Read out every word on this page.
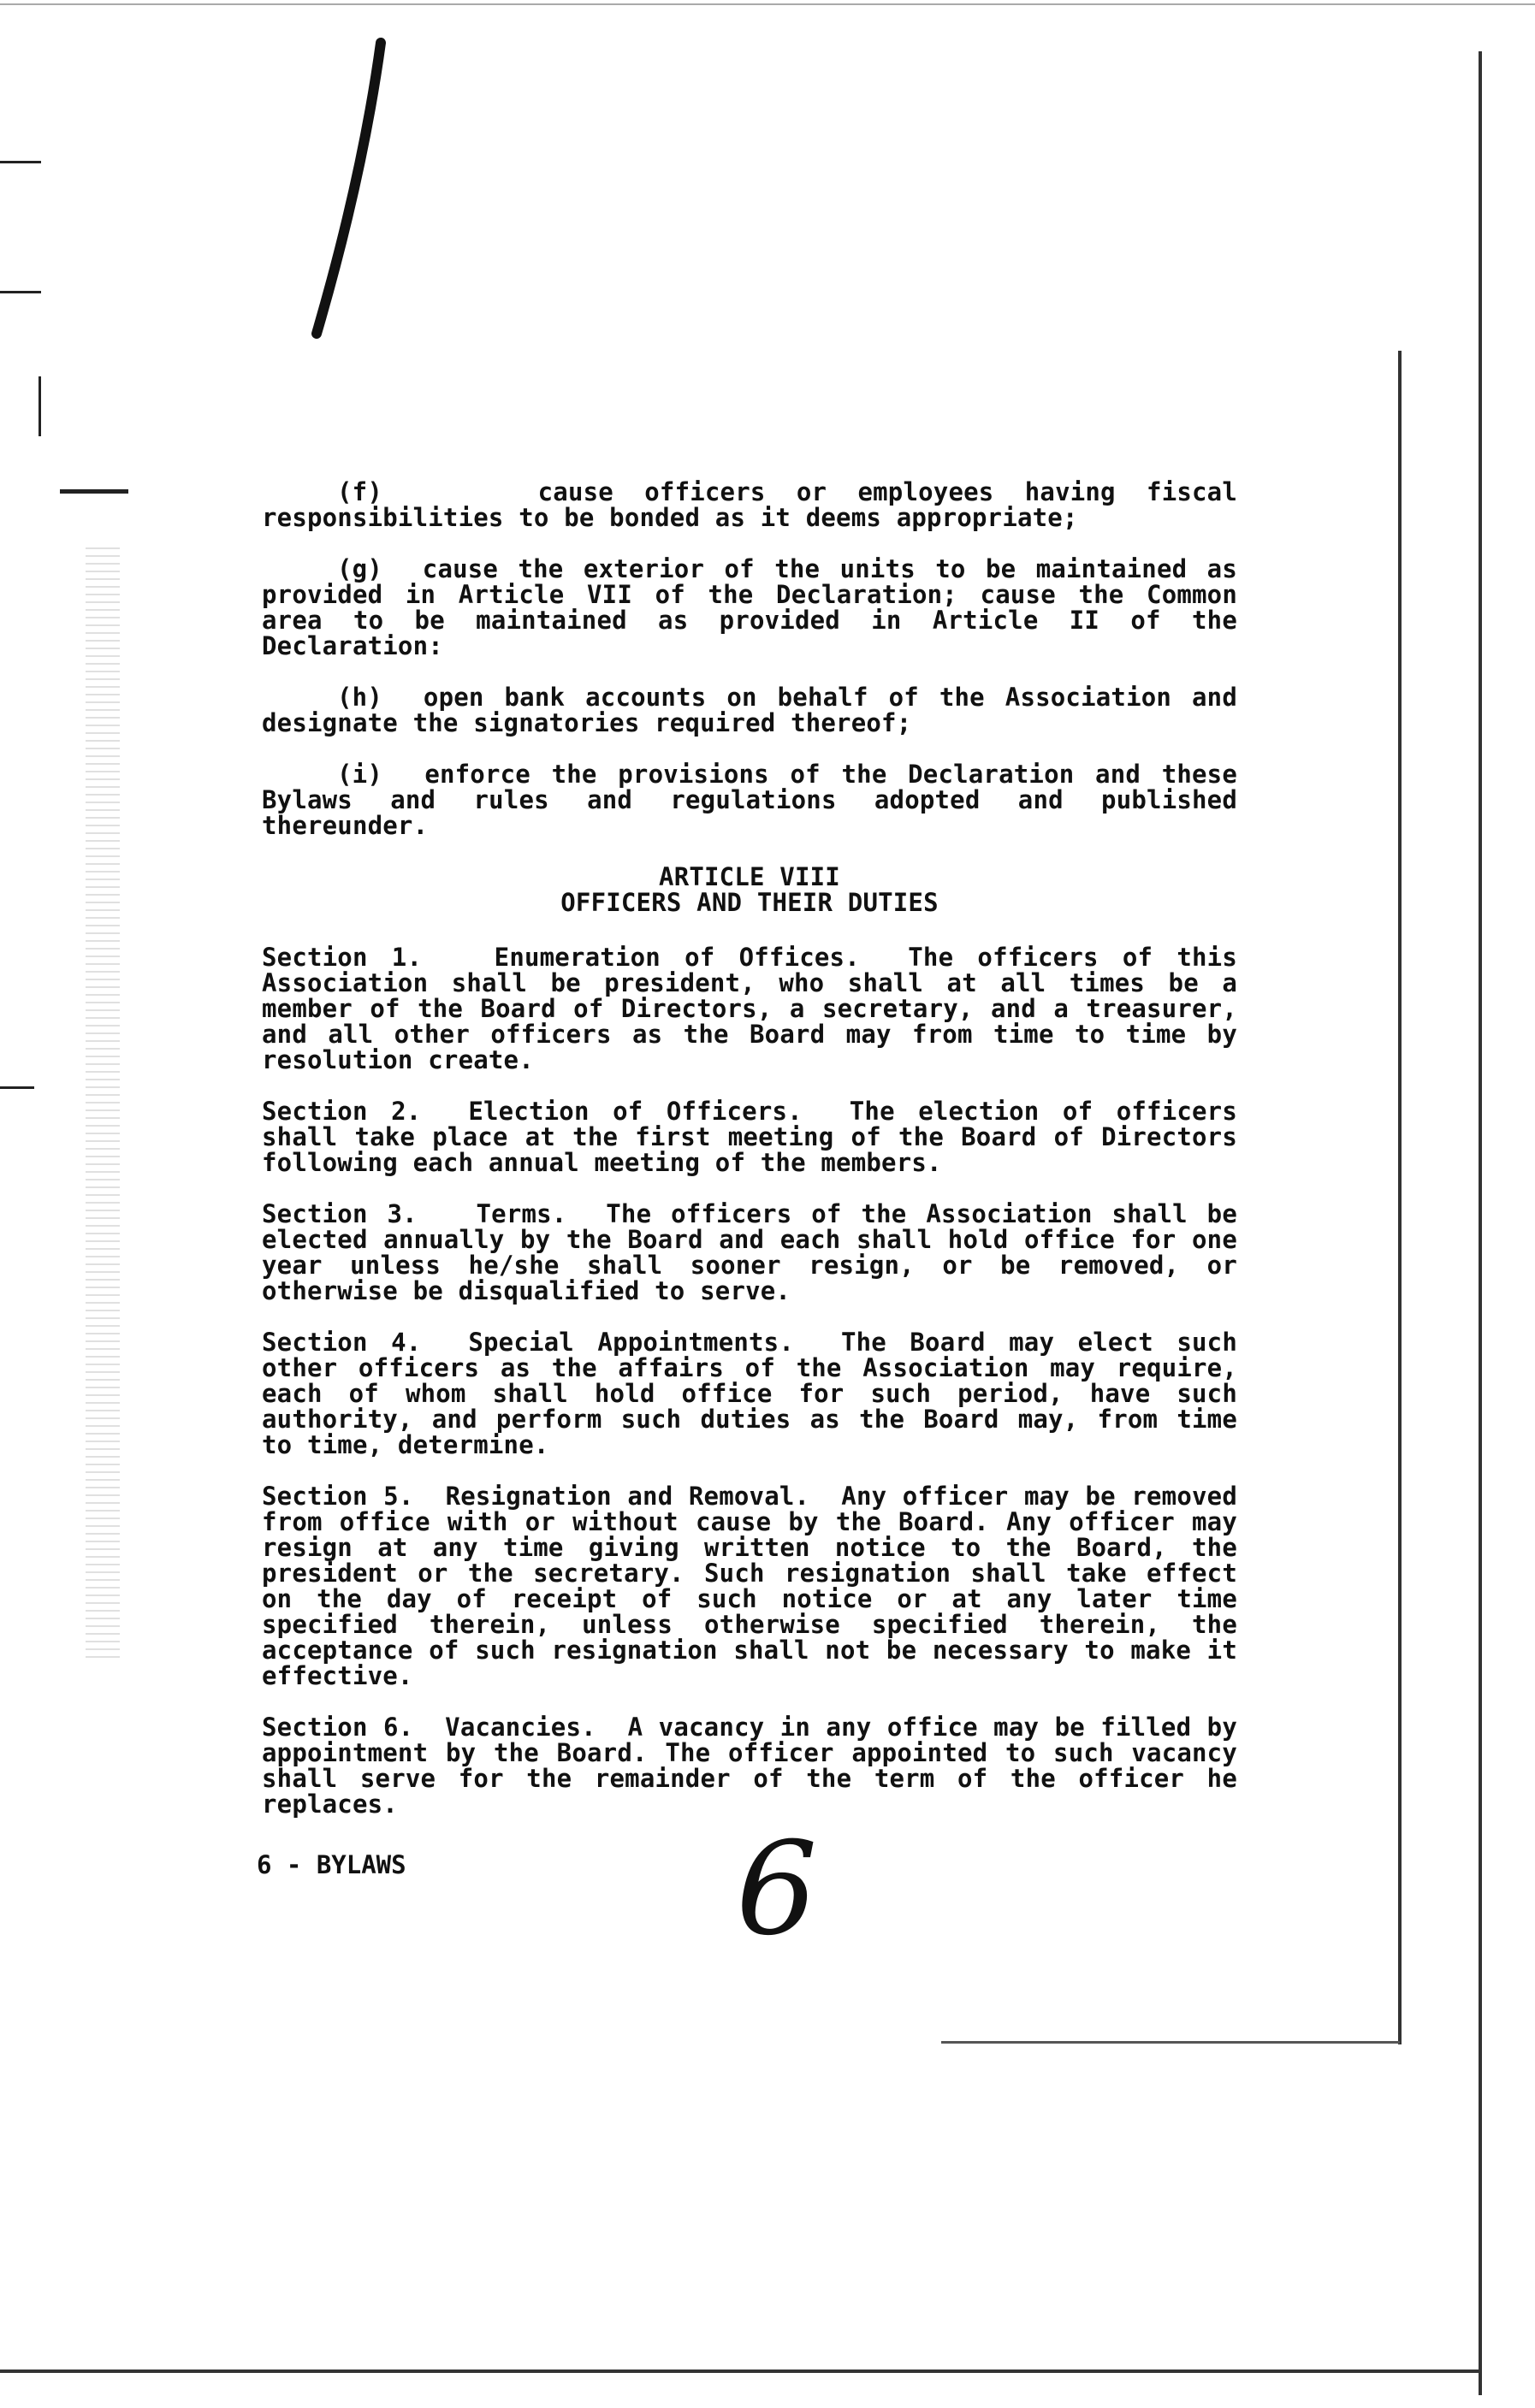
(f)	cause officers or employees having fiscal responsibilities to be bonded as it deems appropriate;

(g) cause the exterior of the units to be maintained as provided in Article VII of the Declaration; cause the Common area to be maintained as provided in Article II of the Declaration:

(h) open bank accounts on behalf of the Association and designate the signatories required thereof;

(i) enforce the provisions of the Declaration and these Bylaws and rules and regulations adopted and published thereunder.

ARTICLE VIII
OFFICERS AND THEIR DUTIES

Section 1.	Enumeration of Offices. The officers of this Association shall be president, who shall at all times be a member of the Board of Directors, a secretary, and a treasurer, and all other officers as the Board may from time to time by resolution create.

Section 2. Election of Officers. The election of officers shall take place at the first meeting of the Board of Directors following each annual meeting of the members.

Section 3. Terms. The officers of the Association shall be elected annually by the Board and each shall hold office for one year unless he/she shall sooner resign, or be removed, or otherwise be disqualified to serve.

Section 4. Special Appointments. The Board may elect such other officers as the affairs of the Association may require, each of whom shall hold office for such period, have such authority, and perform such duties as the Board may, from time to time, determine.

Section 5. Resignation and Removal. Any officer may be removed from office with or without cause by the Board. Any officer may resign at any time giving written notice to the Board, the president or the secretary. Such resignation shall take effect on the day of receipt of such notice or at any later time specified therein, unless otherwise specified therein, the acceptance of such resignation shall not be necessary to make it effective.

Section 6. Vacancies. A vacancy in any office may be filled by appointment by the Board. The officer appointed to such vacancy shall serve for the remainder of the term of the officer he replaces.

6 - BYLAWS	6
